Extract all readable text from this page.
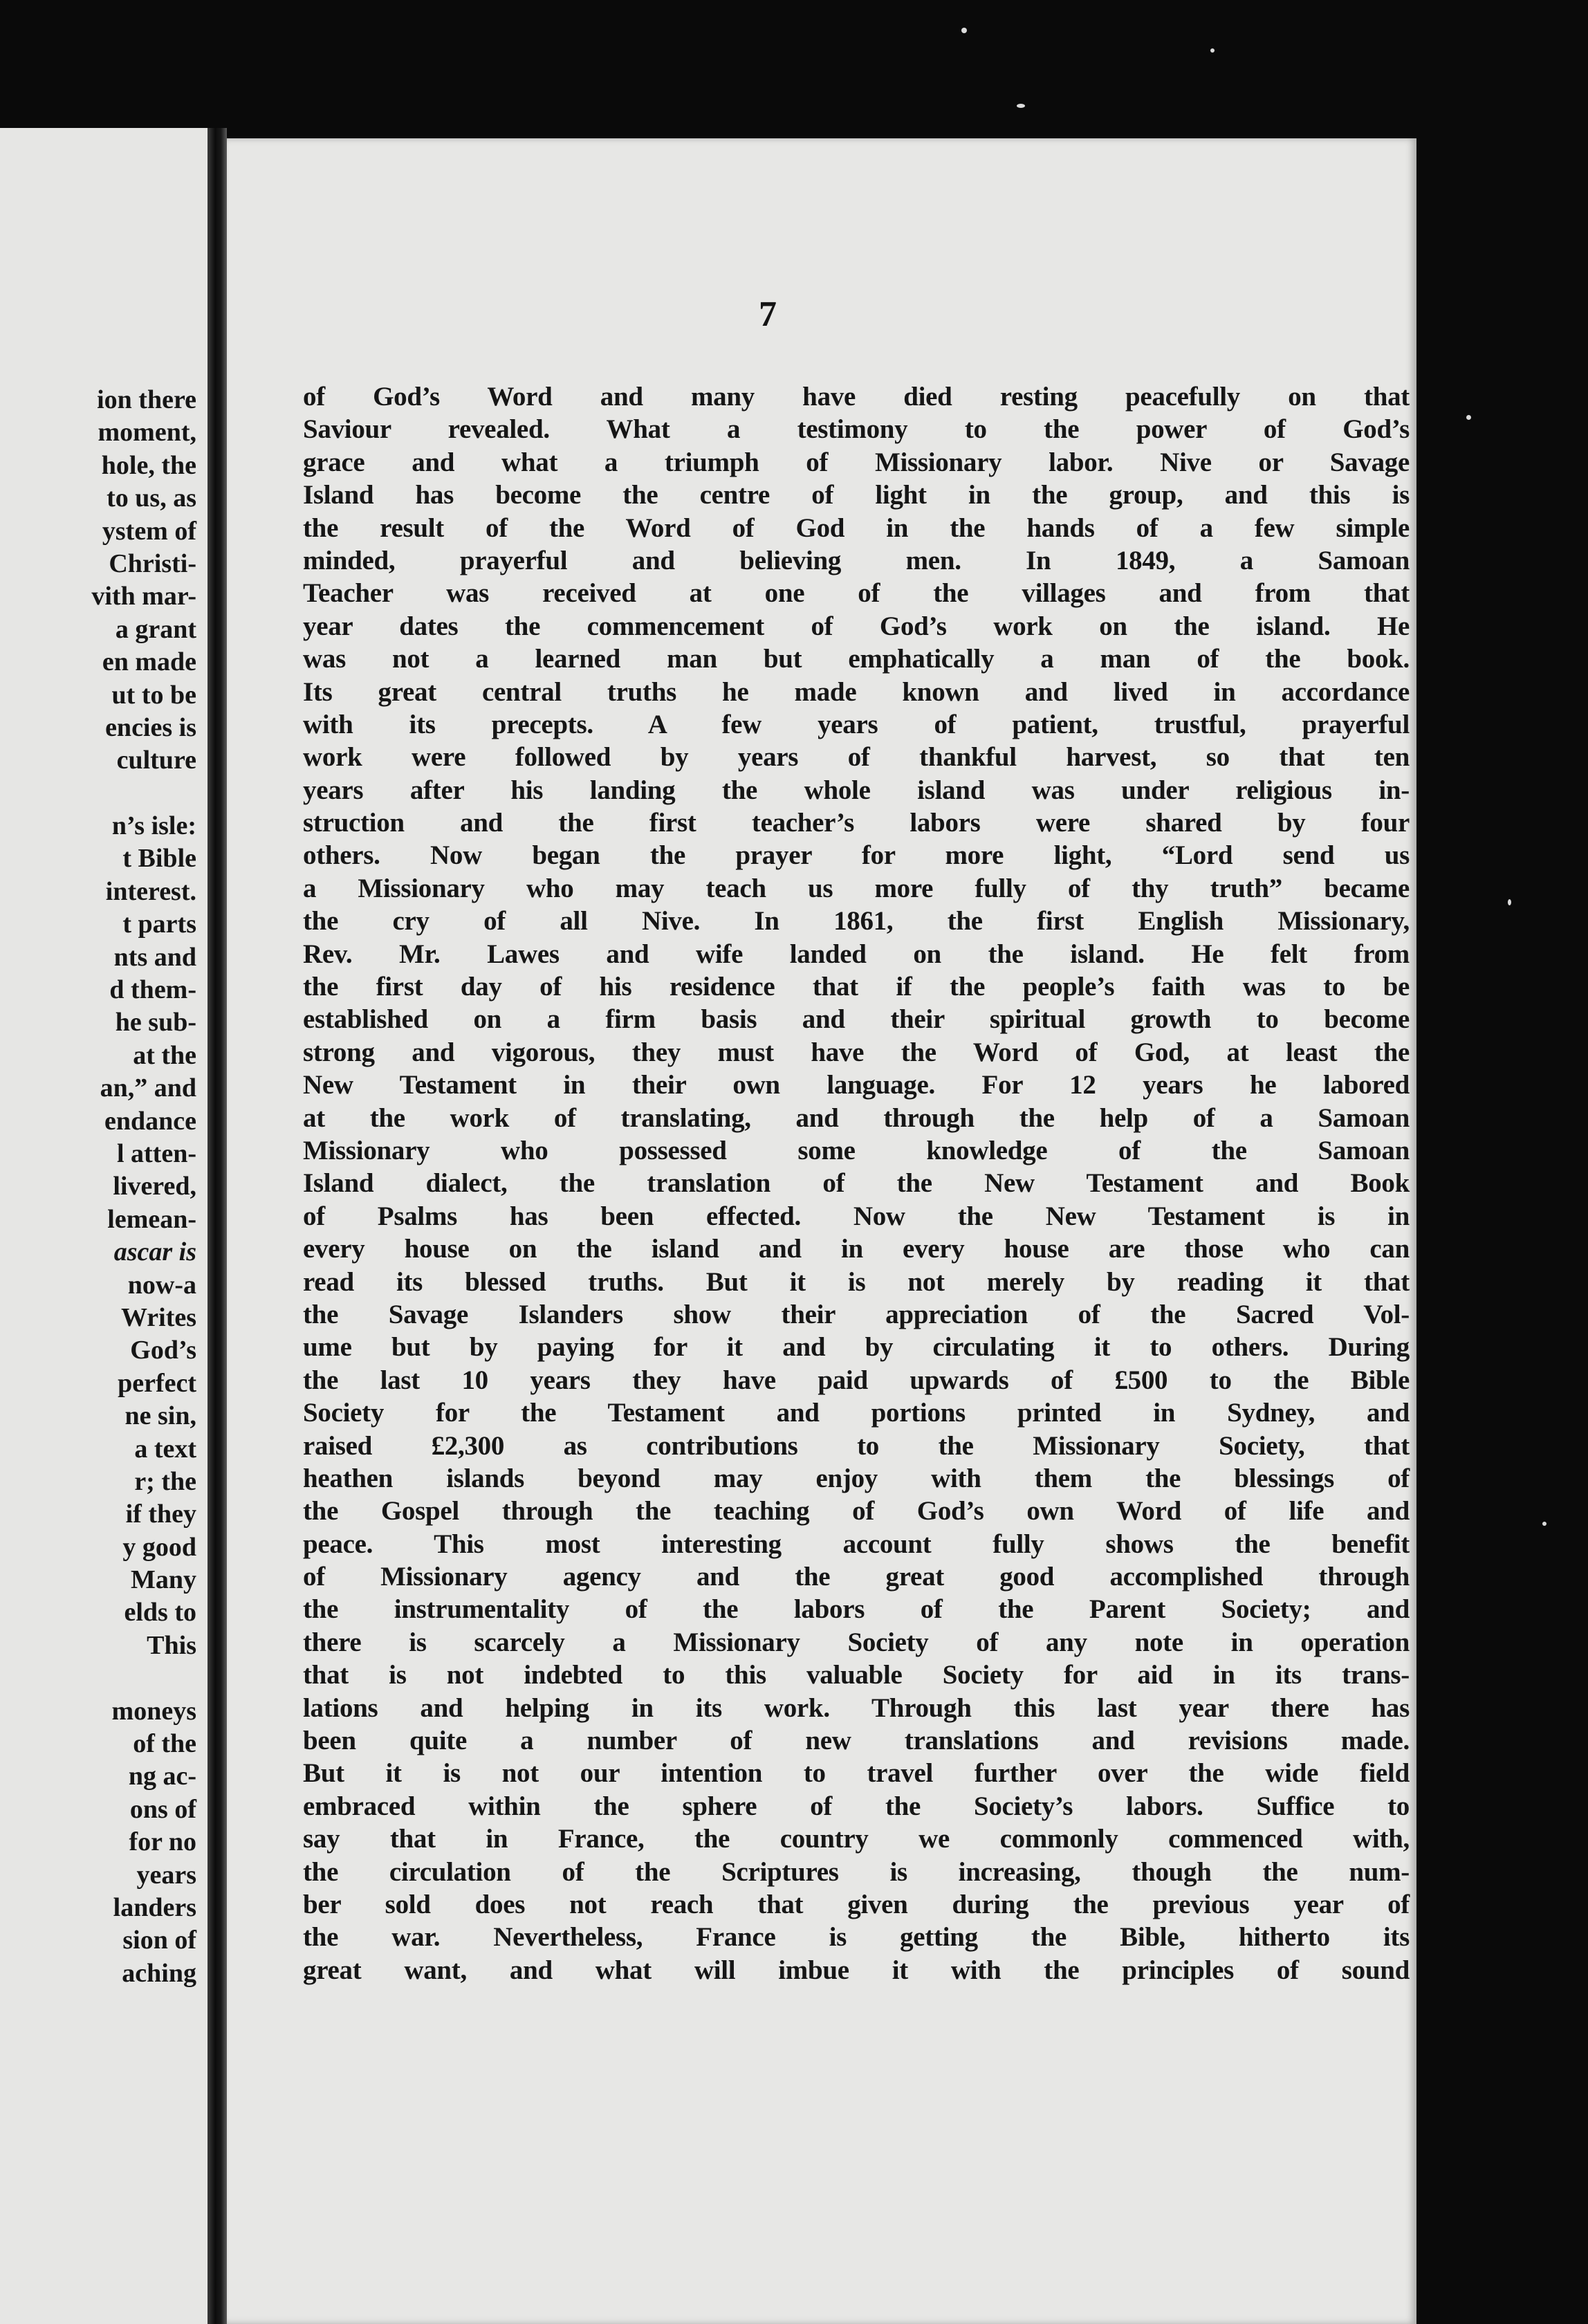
ion there
moment,
hole, the
to us, as
ystem of
Christi-
vith mar-
a grant
en made
ut to be
encies is
culture
n’s isle:
t Bible
interest.
t parts
nts and
d them-
he sub-
at the
an,” and
endance
l atten-
livered,
lemean-
ascar is
now-a
Writes
God’s
perfect
ne sin,
a text
r; the
if they
y good
Many
elds to
This
moneys
of the
ng ac-
ons of
for no
years
landers
sion of
aching

7

of God’s Word and many have died resting peacefully on that
Saviour revealed. What a testimony to the power of God’s
grace and what a triumph of Missionary labor. Nive or Savage
Island has become the centre of light in the group, and this is
the result of the Word of God in the hands of a few simple
minded, prayerful and believing men. In 1849, a Samoan
Teacher was received at one of the villages and from that
year dates the commencement of God’s work on the island. He
was not a learned man but emphatically a man of the book.
Its great central truths he made known and lived in accordance
with its precepts. A few years of patient, trustful, prayerful
work were followed by years of thankful harvest, so that ten
years after his landing the whole island was under religious in-
struction and the first teacher’s labors were shared by four
others. Now began the prayer for more light, “Lord send us
a Missionary who may teach us more fully of thy truth” became
the cry of all Nive. In 1861, the first English Missionary,
Rev. Mr. Lawes and wife landed on the island. He felt from
the first day of his residence that if the people’s faith was to be
established on a firm basis and their spiritual growth to become
strong and vigorous, they must have the Word of God, at least the
New Testament in their own language. For 12 years he labored
at the work of translating, and through the help of a Samoan
Missionary who possessed some knowledge of the Samoan
Island dialect, the translation of the New Testament and Book
of Psalms has been effected. Now the New Testament is in
every house on the island and in every house are those who can
read its blessed truths. But it is not merely by reading it that
the Savage Islanders show their appreciation of the Sacred Vol-
ume but by paying for it and by circulating it to others. During
the last 10 years they have paid upwards of £500 to the Bible
Society for the Testament and portions printed in Sydney, and
raised £2,300 as contributions to the Missionary Society, that
heathen islands beyond may enjoy with them the blessings of
the Gospel through the teaching of God’s own Word of life and
peace. This most interesting account fully shows the benefit
of Missionary agency and the great good accomplished through
the instrumentality of the labors of the Parent Society; and
there is scarcely a Missionary Society of any note in operation
that is not indebted to this valuable Society for aid in its trans-
lations and helping in its work. Through this last year there has
been quite a number of new translations and revisions made.
But it is not our intention to travel further over the wide field
embraced within the sphere of the Society’s labors. Suffice to
say that in France, the country we commonly commenced with,
the circulation of the Scriptures is increasing, though the num-
ber sold does not reach that given during the previous year of
the war. Nevertheless, France is getting the Bible, hitherto its
great want, and what will imbue it with the principles of sound
